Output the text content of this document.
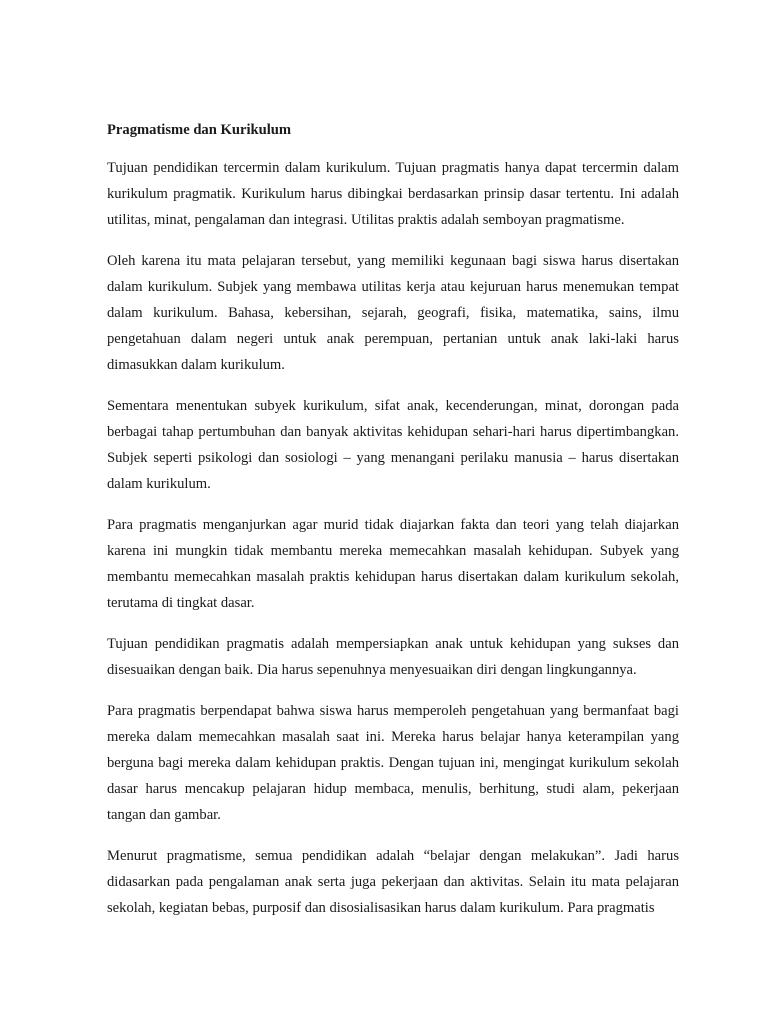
Pragmatisme dan Kurikulum

Tujuan pendidikan tercermin dalam kurikulum. Tujuan pragmatis hanya dapat tercermin dalam kurikulum pragmatik. Kurikulum harus dibingkai berdasarkan prinsip dasar tertentu. Ini adalah utilitas, minat, pengalaman dan integrasi. Utilitas praktis adalah semboyan pragmatisme.

Oleh karena itu mata pelajaran tersebut, yang memiliki kegunaan bagi siswa harus disertakan dalam kurikulum. Subjek yang membawa utilitas kerja atau kejuruan harus menemukan tempat dalam kurikulum. Bahasa, kebersihan, sejarah, geografi, fisika, matematika, sains, ilmu pengetahuan dalam negeri untuk anak perempuan, pertanian untuk anak laki-laki harus dimasukkan dalam kurikulum.

Sementara menentukan subyek kurikulum, sifat anak, kecenderungan, minat, dorongan pada berbagai tahap pertumbuhan dan banyak aktivitas kehidupan sehari-hari harus dipertimbangkan. Subjek seperti psikologi dan sosiologi – yang menangani perilaku manusia – harus disertakan dalam kurikulum.

Para pragmatis menganjurkan agar murid tidak diajarkan fakta dan teori yang telah diajarkan karena ini mungkin tidak membantu mereka memecahkan masalah kehidupan. Subyek yang membantu memecahkan masalah praktis kehidupan harus disertakan dalam kurikulum sekolah, terutama di tingkat dasar.

Tujuan pendidikan pragmatis adalah mempersiapkan anak untuk kehidupan yang sukses dan disesuaikan dengan baik. Dia harus sepenuhnya menyesuaikan diri dengan lingkungannya.

Para pragmatis berpendapat bahwa siswa harus memperoleh pengetahuan yang bermanfaat bagi mereka dalam memecahkan masalah saat ini. Mereka harus belajar hanya keterampilan yang berguna bagi mereka dalam kehidupan praktis. Dengan tujuan ini, mengingat kurikulum sekolah dasar harus mencakup pelajaran hidup membaca, menulis, berhitung, studi alam, pekerjaan tangan dan gambar.

Menurut pragmatisme, semua pendidikan adalah “belajar dengan melakukan”. Jadi harus didasarkan pada pengalaman anak serta juga pekerjaan dan aktivitas. Selain itu mata pelajaran sekolah, kegiatan bebas, purposif dan disosialisasikan harus dalam kurikulum. Para pragmatis
